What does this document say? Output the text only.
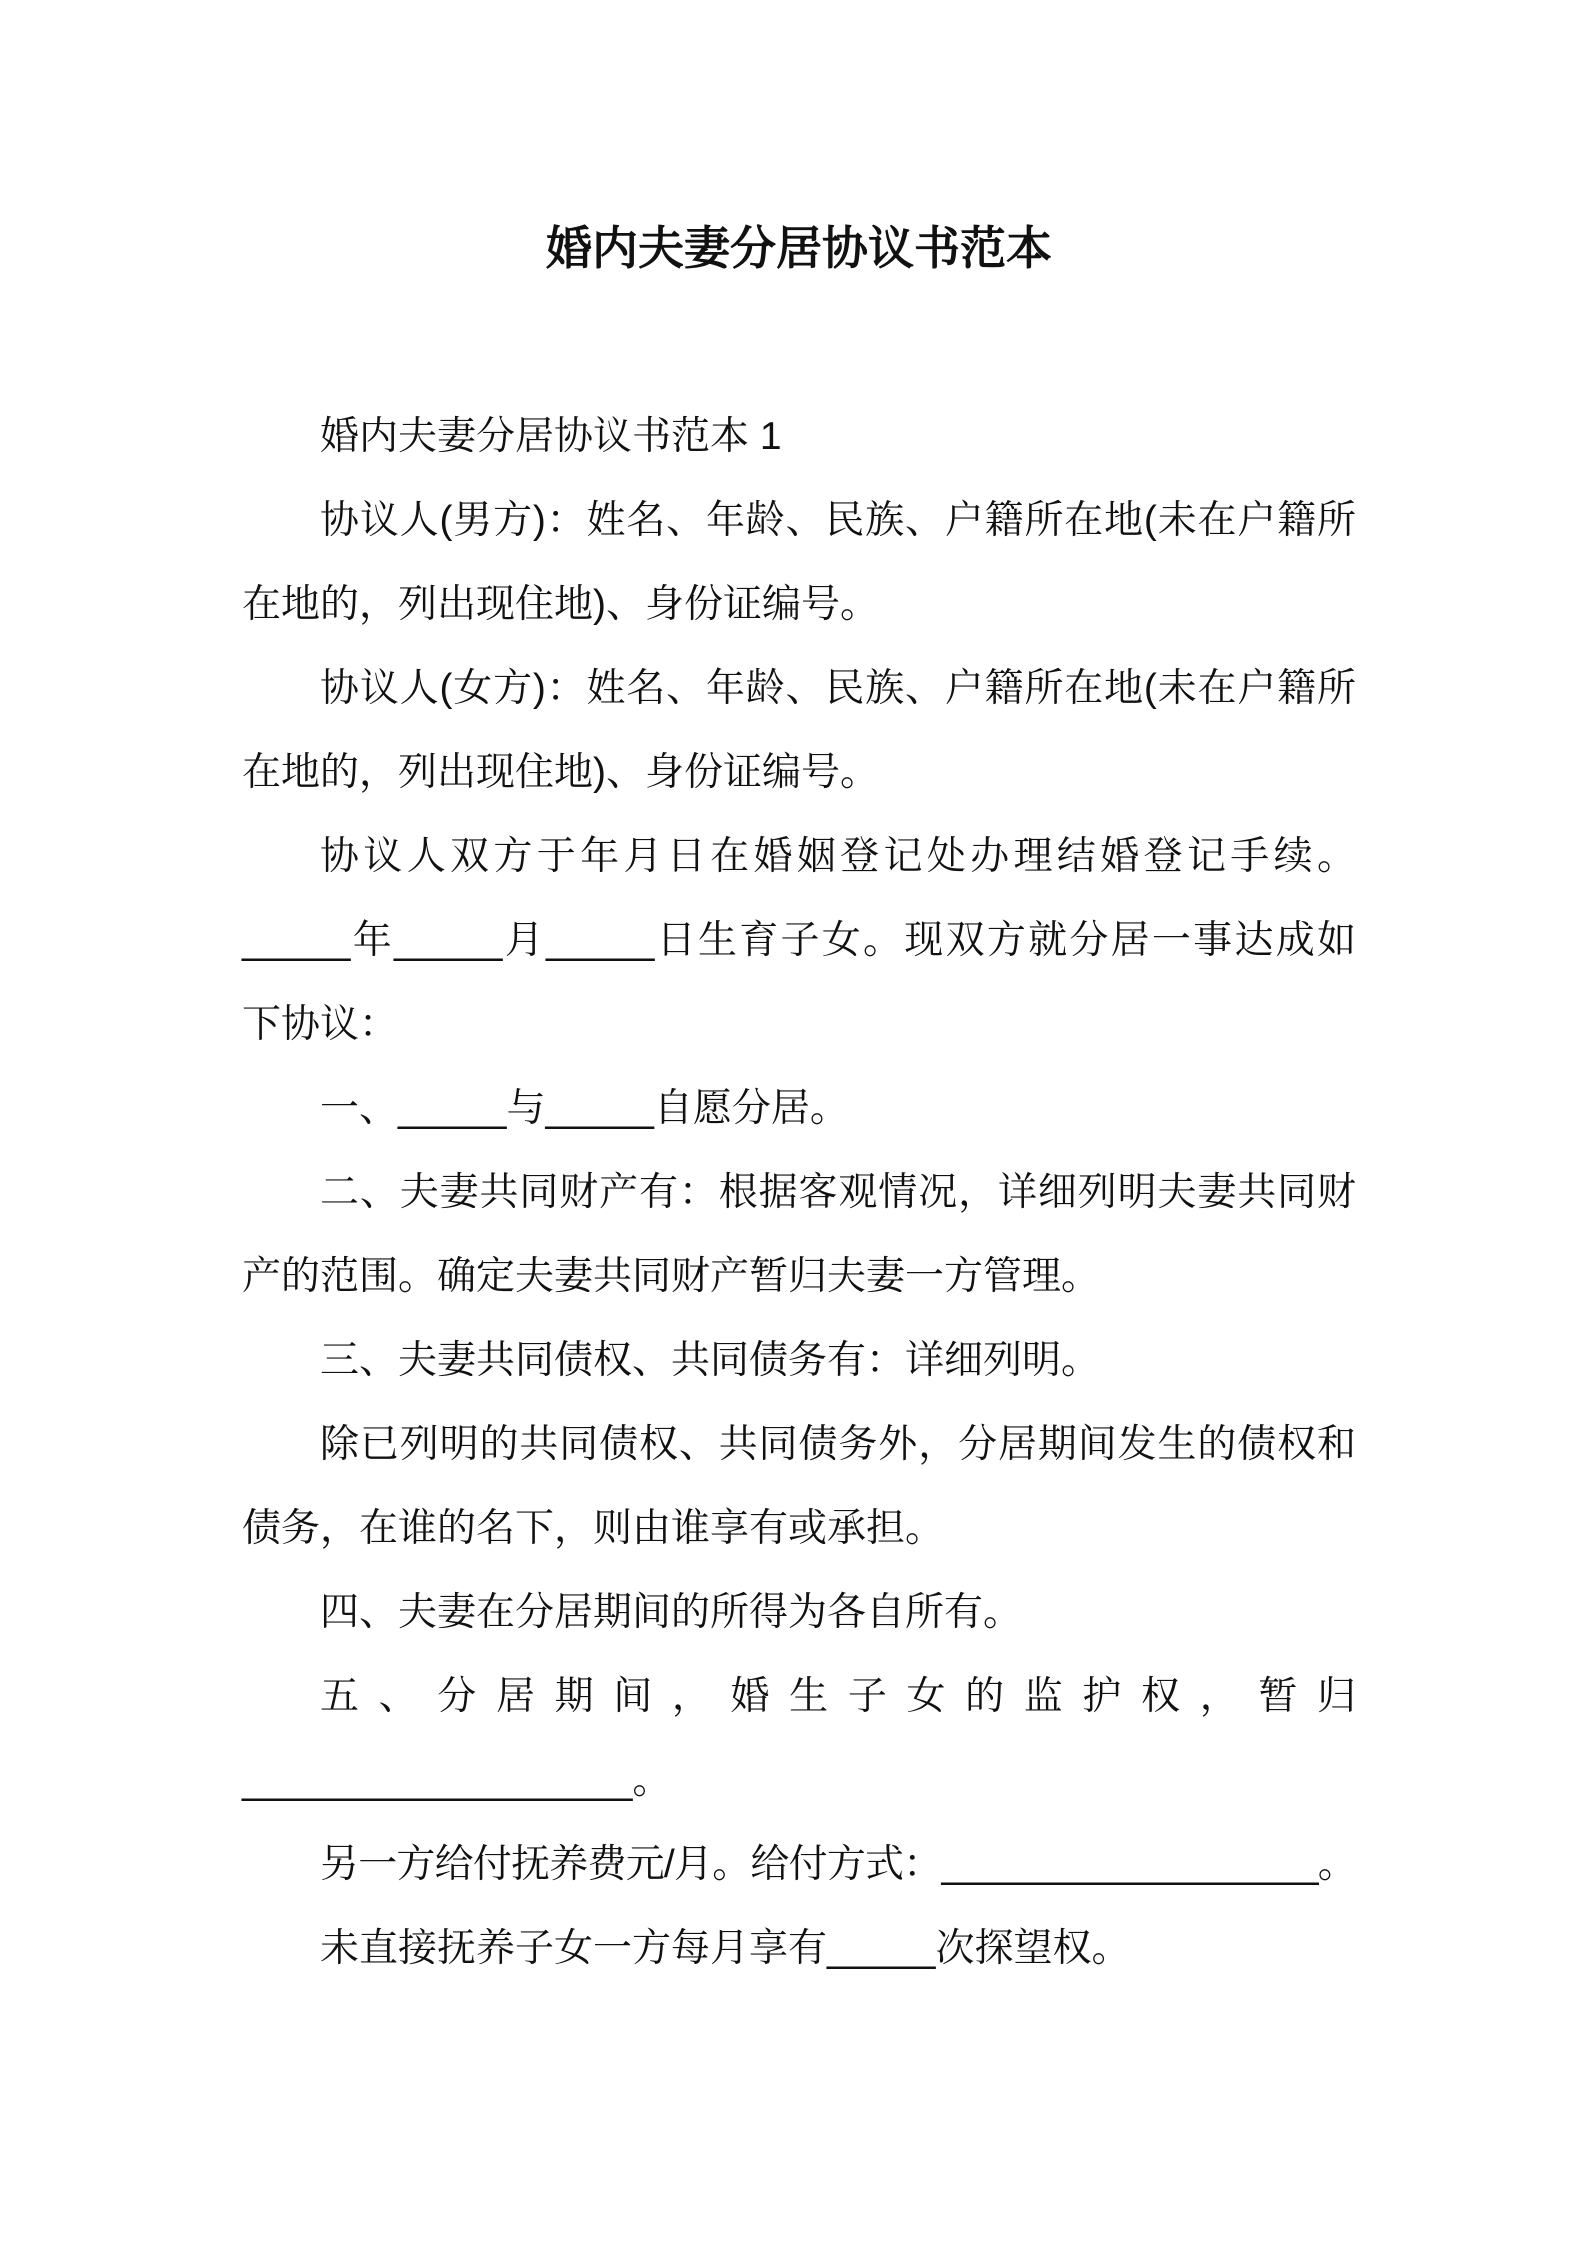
婚内夫妻分居协议书范本
婚内夫妻分居协议书范本 1
协议人(男方)：姓名、年龄、民族、户籍所在地(未在户籍所
在地的，列出现住地)、身份证编号。
协议人(女方)：姓名、年龄、民族、户籍所在地(未在户籍所
在地的，列出现住地)、身份证编号。
协议人双方于年月日在婚姻登记处办理结婚登记手续。
_____年_____月_____日生育子女。现双方就分居一事达成如
下协议：
一、_____与_____自愿分居。
二、夫妻共同财产有：根据客观情况，详细列明夫妻共同财
产的范围。确定夫妻共同财产暂归夫妻一方管理。
三、夫妻共同债权、共同债务有：详细列明。
除已列明的共同债权、共同债务外，分居期间发生的债权和
债务，在谁的名下，则由谁享有或承担。
四、夫妻在分居期间的所得为各自所有。
五、分居期间，婚生子女的监护权，暂归
__________________。
另一方给付抚养费元/月。给付方式：__________________。
未直接抚养子女一方每月享有_____次探望权。
